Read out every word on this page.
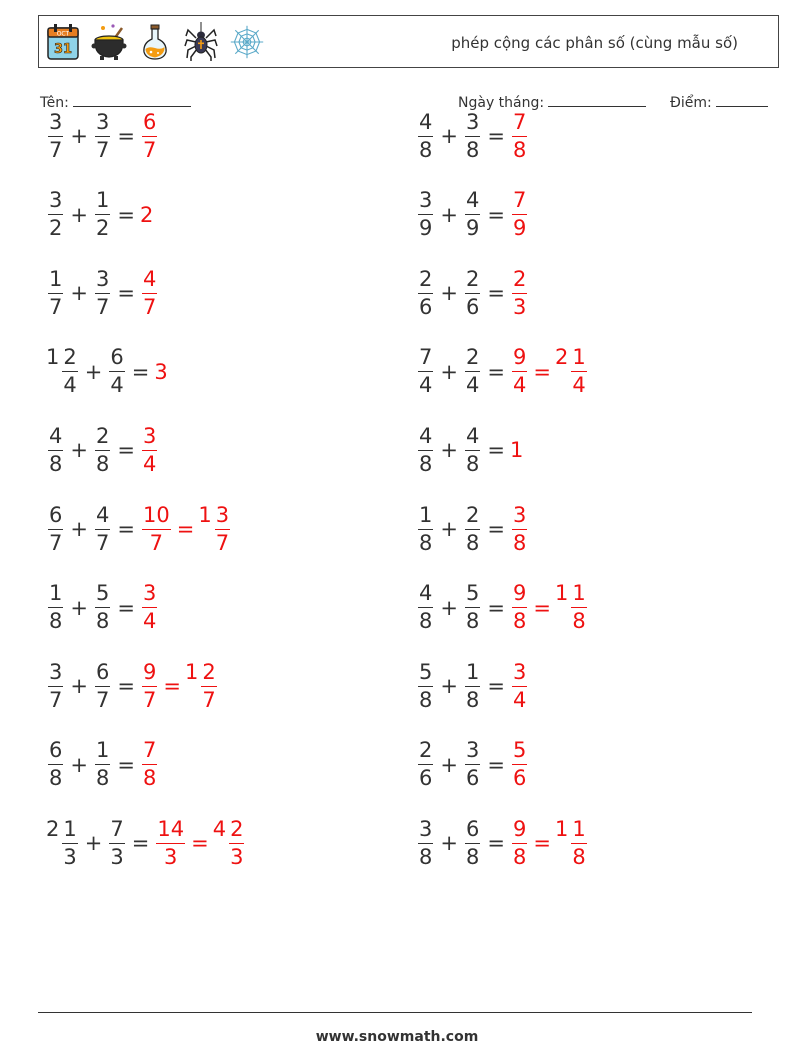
OCT
31	phép cộng các phân số (cùng mẫu số)
Tên:	Ngày tháng:	Điểm:
$\frac{3}{7} + \frac{3}{7} = \frac{6}{7}$	$\frac{4}{8} + \frac{3}{8} = \frac{7}{8}$
$\frac{3}{2} + \frac{1}{2} = 2$	$\frac{3}{9} + \frac{4}{9} = \frac{7}{9}$
$\frac{1}{7} + \frac{3}{7} = \frac{4}{7}$	$\frac{2}{6} + \frac{2}{6} = \frac{2}{3}$
$1 \frac{2}{4} + \frac{6}{4} = 3$	$\frac{7}{4} + \frac{2}{4} = \frac{9}{4}$ =
$2 \frac{1}{4}$
$\frac{4}{8} + \frac{2}{8} = \frac{3}{4}$	$\frac{4}{8} + \frac{4}{8} = 1$
$\frac{6}{7} + \frac{4}{7} = \frac{10}{7}$ =
$1 \frac{3}{7}$	$\frac{1}{8} + \frac{2}{8} = \frac{3}{8}$
$\frac{1}{8} + \frac{5}{8} = \frac{3}{4}$	$\frac{4}{8} + \frac{5}{8} = \frac{9}{8}$ =
$1 \frac{1}{8}$
$\frac{3}{7} + \frac{6}{7} = \frac{9}{7}$ =
$1 \frac{2}{7}$	$\frac{5}{8} + \frac{1}{8} = \frac{3}{4}$
$\frac{6}{8} + \frac{1}{8} = \frac{7}{8}$	$\frac{2}{6} + \frac{3}{6} = \frac{5}{6}$
$2 \frac{1}{3} + \frac{7}{3} = \frac{14}{3}$ =
$4 \frac{2}{3}$	$\frac{3}{8} + \frac{6}{8} = \frac{9}{8}$ =
$1 \frac{1}{8}$
www.snowmath.com
